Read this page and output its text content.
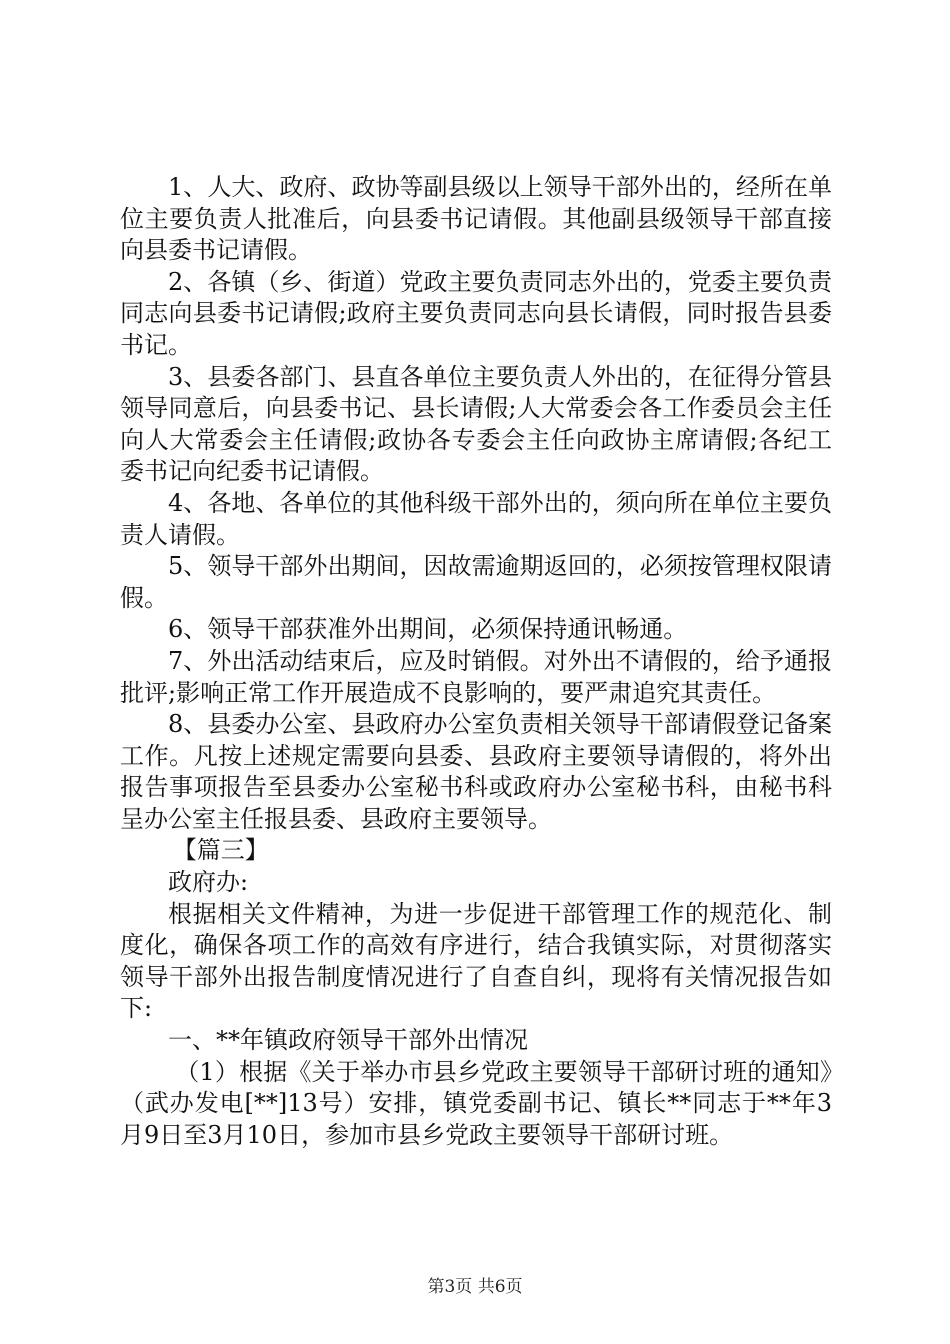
1、人大、政府、政协等副县级以上领导干部外出的，经所在单位主要负责人批准后，向县委书记请假。其他副县级领导干部直接向县委书记请假。

2、各镇（乡、街道）党政主要负责同志外出的，党委主要负责同志向县委书记请假;政府主要负责同志向县长请假，同时报告县委书记。

3、县委各部门、县直各单位主要负责人外出的，在征得分管县领导同意后，向县委书记、县长请假;人大常委会各工作委员会主任向人大常委会主任请假;政协各专委会主任向政协主席请假;各纪工委书记向纪委书记请假。

4、各地、各单位的其他科级干部外出的，须向所在单位主要负责人请假。

5、领导干部外出期间，因故需逾期返回的，必须按管理权限请假。

6、领导干部获准外出期间，必须保持通讯畅通。

7、外出活动结束后，应及时销假。对外出不请假的，给予通报批评;影响正常工作开展造成不良影响的，要严肃追究其责任。

8、县委办公室、县政府办公室负责相关领导干部请假登记备案工作。凡按上述规定需要向县委、县政府主要领导请假的，将外出报告事项报告至县委办公室秘书科或政府办公室秘书科，由秘书科呈办公室主任报县委、县政府主要领导。

【篇三】

政府办:

根据相关文件精神，为进一步促进干部管理工作的规范化、制度化，确保各项工作的高效有序进行，结合我镇实际，对贯彻落实领导干部外出报告制度情况进行了自查自纠，现将有关情况报告如下:

一、**年镇政府领导干部外出情况

（1）根据《关于举办市县乡党政主要领导干部研讨班的通知》（武办发电[**]13号）安排，镇党委副书记、镇长**同志于**年3月9日至3月10日，参加市县乡党政主要领导干部研讨班。

第3页 共6页
